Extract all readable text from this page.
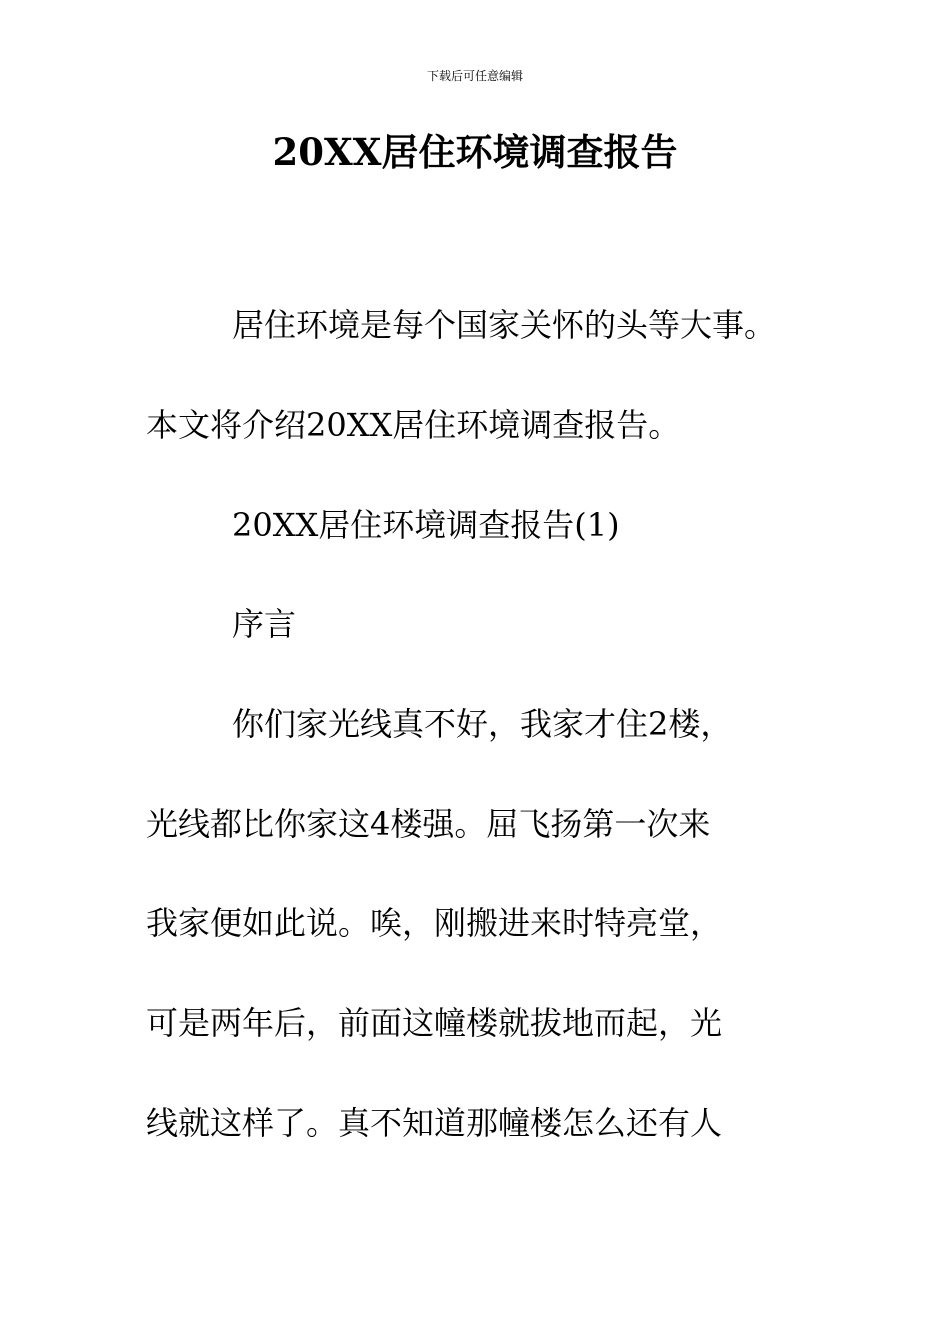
下载后可任意编辑
20XX居住环境调查报告

居住环境是每个国家关怀的头等大事。

本文将介绍20XX居住环境调查报告。

20XX居住环境调查报告(1)

序言

你们家光线真不好，我家才住2楼，

光线都比你家这4楼强。屈飞扬第一次来

我家便如此说。唉，刚搬进来时特亮堂，

可是两年后，前面这幢楼就拔地而起，光

线就这样了。真不知道那幢楼怎么还有人
